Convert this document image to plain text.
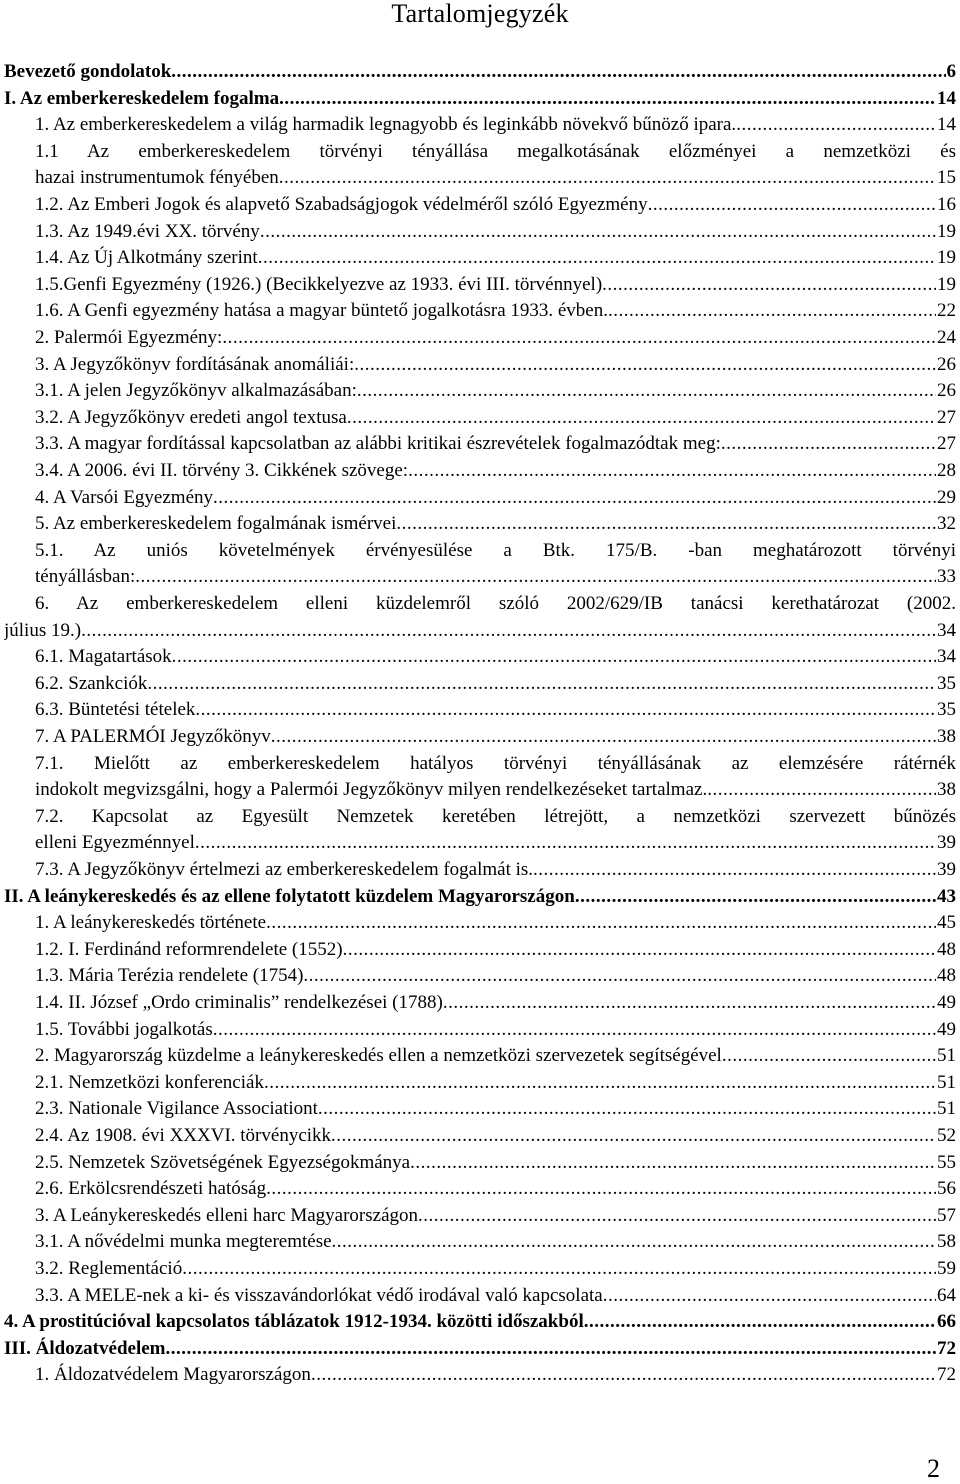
Tartalomjegyzék
Bevezető gondolatok .....	6
I. Az emberkereskedelem fogalma .....	14
1. Az emberkereskedelem a világ harmadik legnagyobb és leginkább növekvő bűnöző ipara. .....	14
1.1 Az emberkereskedelem törvényi tényállása megalkotásának előzményei a nemzetközi és
hazai instrumentumok fényében .....	15
1.2. Az Emberi Jogok és alapvető Szabadságjogok védelméről szóló Egyezmény .....	16
1.3. Az 1949.évi XX. törvény .....	19
1.4. Az Új Alkotmány szerint .....	19
1.5.Genfi Egyezmény (1926.) (Becikkelyezve az 1933. évi III. törvénnyel) .....	19
1.6. A Genfi egyezmény hatása a magyar büntető jogalkotásra 1933. évben. .....	22
2. Palermói Egyezmény: .....	24
3. A Jegyzőkönyv fordításának anomáliái: .....	26
3.1. A jelen Jegyzőkönyv alkalmazásában: .....	26
3.2. A Jegyzőkönyv eredeti angol textusa .....	27
3.3. A magyar fordítással kapcsolatban az alábbi kritikai észrevételek fogalmazódtak meg: .....	27
3.4. A 2006. évi II. törvény 3. Cikkének szövege: .....	28
4. A Varsói Egyezmény .....	29
5. Az emberkereskedelem fogalmának ismérvei .....	32
5.1. Az uniós követelmények érvényesülése a Btk. 175/B. -ban meghatározott törvényi
tényállásban: .....	33
6. Az emberkereskedelem elleni küzdelemről szóló 2002/629/IB tanácsi kerethatározat (2002.
július 19.) .....	34
6.1. Magatartások .....	34
6.2. Szankciók .....	35
6.3. Büntetési tételek .....	35
7. A PALERMÓI Jegyzőkönyv .....	38
7.1. Mielőtt az emberkereskedelem hatályos törvényi tényállásának az elemzésére rátérnék
indokolt megvizsgálni, hogy a Palermói Jegyzőkönyv milyen rendelkezéseket tartalmaz. .....	38
7.2. Kapcsolat az Egyesült Nemzetek keretében létrejött, a nemzetközi szervezett bűnözés
elleni Egyezménnyel .....	39
7.3. A Jegyzőkönyv értelmezi az emberkereskedelem fogalmát is. .....	39
II. A leánykereskedés és az ellene folytatott küzdelem Magyarországon .....	43
1. A leánykereskedés története .....	45
1.2. I. Ferdinánd reformrendelete (1552) .....	48
1.3. Mária Terézia rendelete (1754) .....	48
1.4. II. József „Ordo criminalis” rendelkezései (1788) .....	49
1.5. További jogalkotás .....	49
2. Magyarország küzdelme a leánykereskedés ellen a nemzetközi szervezetek segítségével .....	51
2.1. Nemzetközi konferenciák .....	51
2.3. Nationale Vigilance Associationt .....	51
2.4. Az 1908. évi XXXVI. törvénycikk .....	52
2.5. Nemzetek Szövetségének Egyezségokmánya .....	55
2.6. Erkölcsrendészeti hatóság .....	56
3. A Leánykereskedés elleni harc Magyarországon .....	57
3.1. A nővédelmi munka megteremtése .....	58
3.2. Reglementáció .....	59
3.3. A MELE-nek a ki- és visszavándorlókat védő irodával való kapcsolata .....	64
4. A prostitúcióval kapcsolatos táblázatok 1912-1934. közötti időszakból .....	66
III. Áldozatvédelem .....	72
1. Áldozatvédelem Magyarországon .....	72
2
